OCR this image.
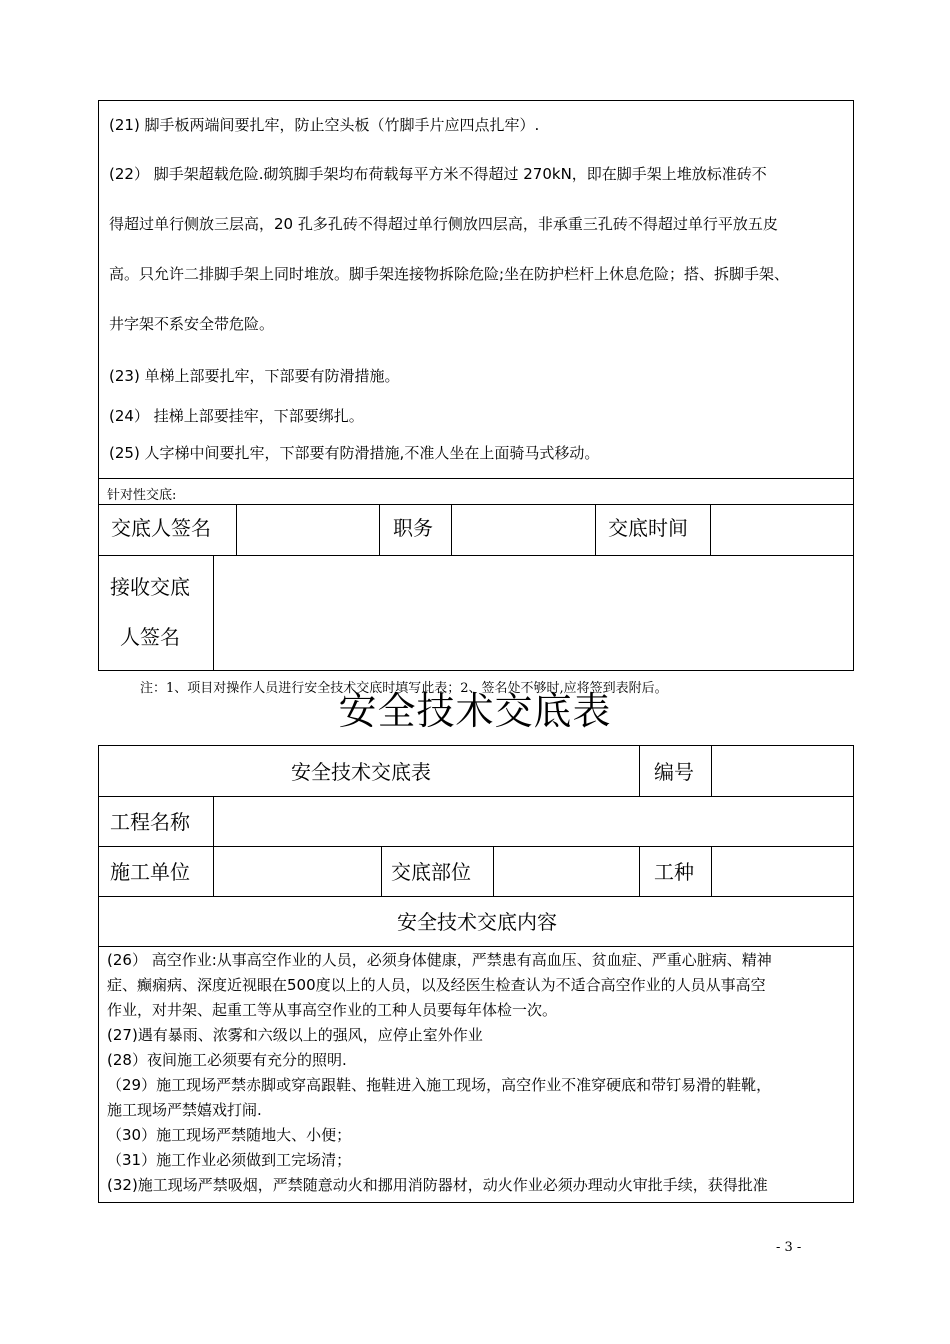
(21) 脚手板两端间要扎牢，防止空头板（竹脚手片应四点扎牢）.

(22） 脚手架超载危险.砌筑脚手架均布荷载每平方米不得超过 270kN，即在脚手架上堆放标准砖不

得超过单行侧放三层高，20 孔多孔砖不得超过单行侧放四层高，非承重三孔砖不得超过单行平放五皮

高。只允许二排脚手架上同时堆放。脚手架连接物拆除危险;坐在防护栏杆上休息危险；搭、拆脚手架、

井字架不系安全带危险。

(23) 单梯上部要扎牢，下部要有防滑措施。
(24） 挂梯上部要挂牢，下部要绑扎。
(25) 人字梯中间要扎牢，下部要有防滑措施,不准人坐在上面骑马式移动。
针对性交底:
交底人签名	职务	交底时间
接收交底
人签名
注：1、项目对操作人员进行安全技术交底时填写此表；2、签名处不够时,应将签到表附后。
安全技术交底表
安全技术交底表	编号
工程名称
施工单位	交底部位	工种
安全技术交底内容
(26） 高空作业:从事高空作业的人员，必须身体健康，严禁患有高血压、贫血症、严重心脏病、精神
症、癫痫病、深度近视眼在500度以上的人员，以及经医生检查认为不适合高空作业的人员从事高空
作业，对井架、起重工等从事高空作业的工种人员要每年体检一次。
(27)遇有暴雨、浓雾和六级以上的强风，应停止室外作业
(28）夜间施工必须要有充分的照明.
（29）施工现场严禁赤脚或穿高跟鞋、拖鞋进入施工现场，高空作业不准穿硬底和带钉易滑的鞋靴，
施工现场严禁嬉戏打闹.
（30）施工现场严禁随地大、小便；
（31）施工作业必须做到工完场清；
(32)施工现场严禁吸烟，严禁随意动火和挪用消防器材，动火作业必须办理动火审批手续，获得批准
- 3 -
